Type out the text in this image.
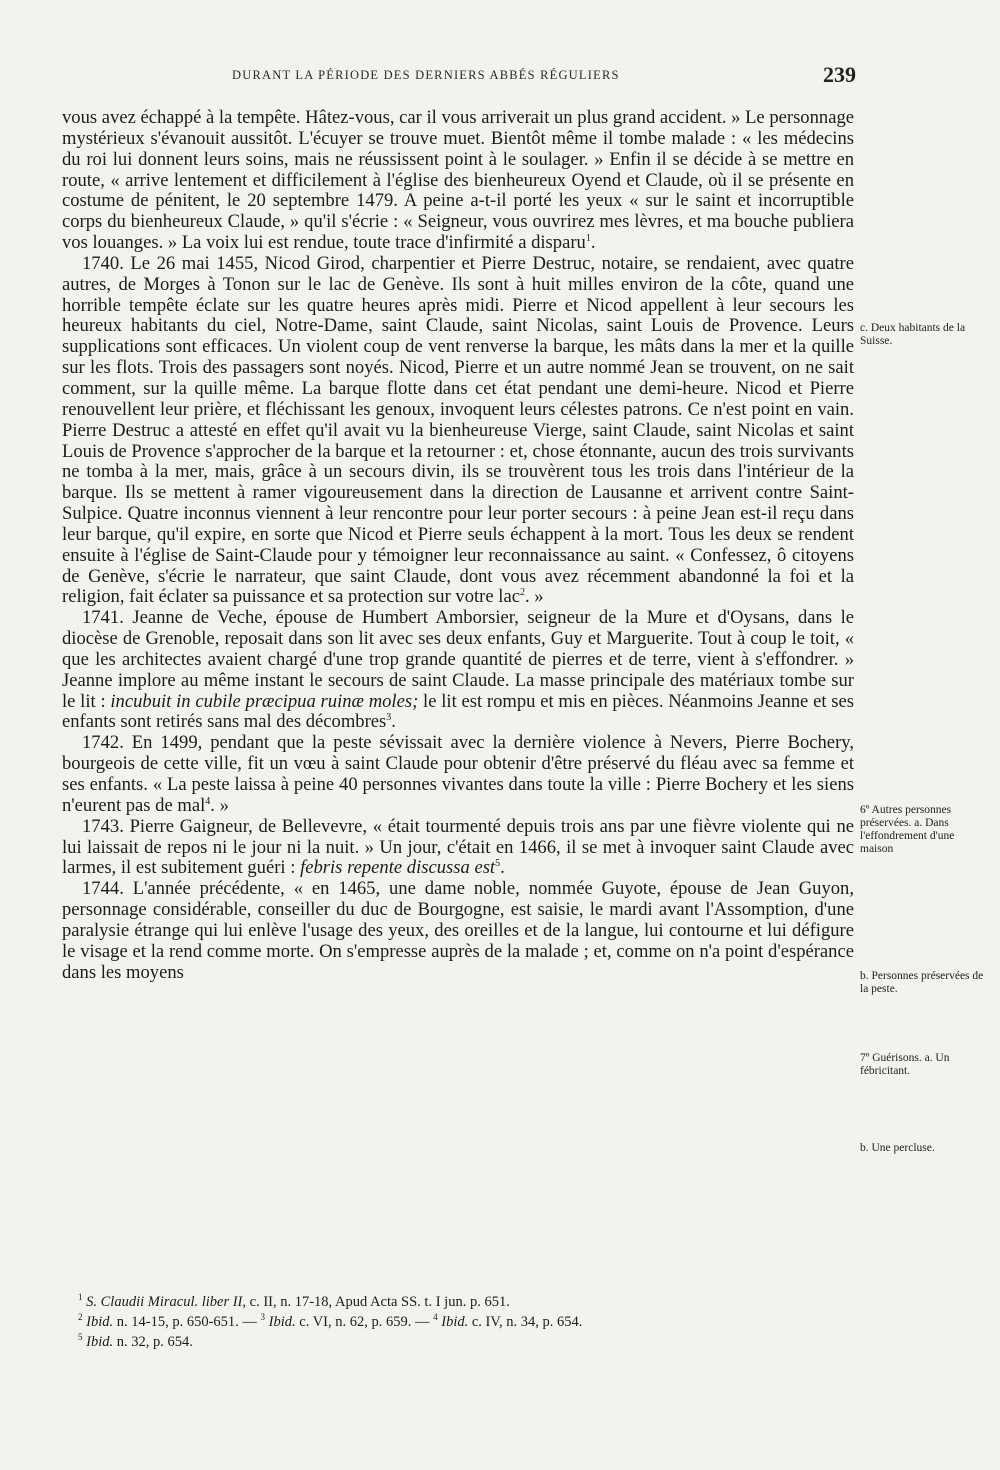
DURANT LA PÉRIODE DES DERNIERS ABBÉS RÉGULIERS	239

vous avez échappé à la tempête. Hâtez-vous, car il vous arriverait un plus grand accident. » Le personnage mystérieux s'évanouit aussitôt. L'écuyer se trouve muet. Bientôt même il tombe malade : « les médecins du roi lui donnent leurs soins, mais ne réussissent point à le soulager. » Enfin il se décide à se mettre en route, « arrive lentement et difficilement à l'église des bienheureux Oyend et Claude, où il se présente en costume de pénitent, le 20 septembre 1479. A peine a-t-il porté les yeux « sur le saint et incorruptible corps du bienheureux Claude, » qu'il s'écrie : « Seigneur, vous ouvrirez mes lèvres, et ma bouche publiera vos louanges. » La voix lui est rendue, toute trace d'infirmité a disparu$^1$.

1740. Le 26 mai 1455, Nicod Girod, charpentier et Pierre Destruc, notaire, se rendaient, avec quatre autres, de Morges à Tonon sur le lac de Genève. Ils sont à huit milles environ de la côte, quand une horrible tempête éclate sur les quatre heures après midi. Pierre et Nicod appellent à leur secours les heureux habitants du ciel, Notre-Dame, saint Claude, saint Nicolas, saint Louis de Provence. Leurs supplications sont efficaces. Un violent coup de vent renverse la barque, les mâts dans la mer et la quille sur les flots. Trois des passagers sont noyés. Nicod, Pierre et un autre nommé Jean se trouvent, on ne sait comment, sur la quille même. La barque flotte dans cet état pendant une demi-heure. Nicod et Pierre renouvellent leur prière, et fléchissant les genoux, invoquent leurs célestes patrons. Ce n'est point en vain. Pierre Destruc a attesté en effet qu'il avait vu la bienheureuse Vierge, saint Claude, saint Nicolas et saint Louis de Provence s'approcher de la barque et la retourner : et, chose étonnante, aucun des trois survivants ne tomba à la mer, mais, grâce à un secours divin, ils se trouvèrent tous les trois dans l'intérieur de la barque. Ils se mettent à ramer vigoureusement dans la direction de Lausanne et arrivent contre Saint-Sulpice. Quatre inconnus viennent à leur rencontre pour leur porter secours : à peine Jean est-il reçu dans leur barque, qu'il expire, en sorte que Nicod et Pierre seuls échappent à la mort. Tous les deux se rendent ensuite à l'église de Saint-Claude pour y témoigner leur reconnaissance au saint. « Confessez, ô citoyens de Genève, s'écrie le narrateur, que saint Claude, dont vous avez récemment abandonné la foi et la religion, fait éclater sa puissance et sa protection sur votre lac$^2$. »

1741. Jeanne de Veche, épouse de Humbert Amborsier, seigneur de la Mure et d'Oysans, dans le diocèse de Grenoble, reposait dans son lit avec ses deux enfants, Guy et Marguerite. Tout à coup le toit, « que les architectes avaient chargé d'une trop grande quantité de pierres et de terre, vient à s'effondrer. » Jeanne implore au même instant le secours de saint Claude. La masse principale des matériaux tombe sur le lit : incubuit in cubile præcipua ruinæ moles; le lit est rompu et mis en pièces. Néanmoins Jeanne et ses enfants sont retirés sans mal des décombres$^3$.

1742. En 1499, pendant que la peste sévissait avec la dernière violence à Nevers, Pierre Bochery, bourgeois de cette ville, fit un vœu à saint Claude pour obtenir d'être préservé du fléau avec sa femme et ses enfants. « La peste laissa à peine 40 personnes vivantes dans toute la ville : Pierre Bochery et les siens n'eurent pas de mal$^4$. »

1743. Pierre Gaigneur, de Bellevevre, « était tourmenté depuis trois ans par une fièvre violente qui ne lui laissait de repos ni le jour ni la nuit. » Un jour, c'était en 1466, il se met à invoquer saint Claude avec larmes, il est subitement guéri : febris repente discussa est$^5$.

1744. L'année précédente, « en 1465, une dame noble, nommée Guyote, épouse de Jean Guyon, personnage considérable, conseiller du duc de Bourgogne, est saisie, le mardi avant l'Assomption, d'une paralysie étrange qui lui enlève l'usage des yeux, des oreilles et de la langue, lui contourne et lui défigure le visage et la rend comme morte. On s'empresse auprès de la malade ; et, comme on n'a point d'espérance dans les moyens

c. Deux habitants de la Suisse.
6º Autres personnes préservées. a. Dans l'effondrement d'une maison
b. Personnes préservées de la peste.
7º Guérisons. a. Un fébricitant.
b. Une percluse.
$^1$ S. Claudii Miracul. liber II, c. II, n. 17-18, Apud Acta SS. t. I jun. p. 651.
$^2$ Ibid. n. 14-15, p. 650-651. — $^3$ Ibid. c. VI, n. 62, p. 659. — $^4$ Ibid. c. IV, n. 34, p. 654.
$^5$ Ibid. n. 32, p. 654.
